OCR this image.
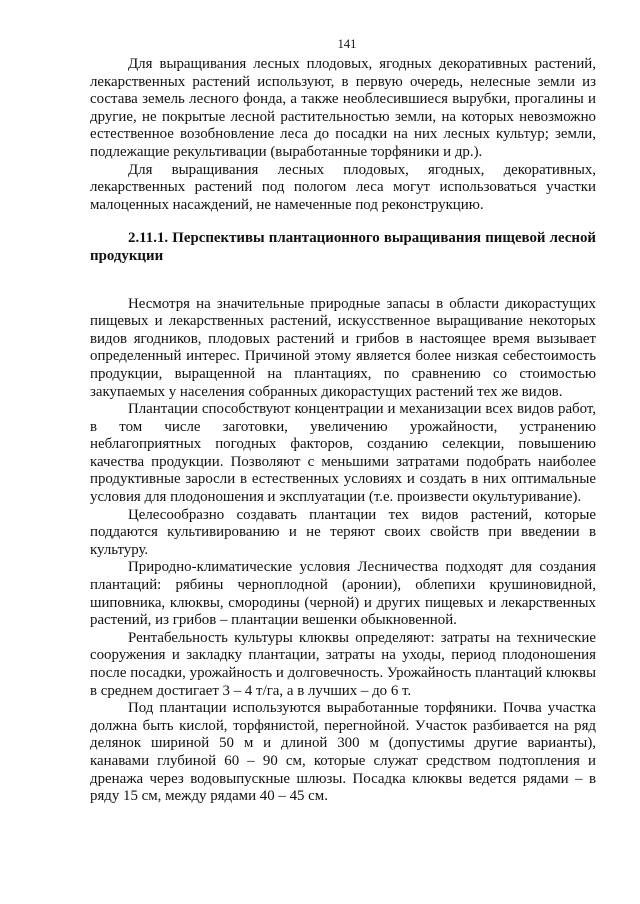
141

Для выращивания лесных плодовых, ягодных декоративных растений, лекарственных растений используют, в первую очередь, нелесные земли из состава земель лесного фонда, а также необлесившиеся вырубки, прогалины и другие, не покрытые лесной растительностью земли, на которых невозможно естественное возобновление леса до посадки на них лесных культур; земли, подлежащие рекультивации (выработанные торфяники и др.).

Для выращивания лесных плодовых, ягодных, декоративных, лекарственных растений под пологом леса могут использоваться участки малоценных насаждений, не намеченные под реконструкцию.

2.11.1. Перспективы плантационного выращивания пищевой лесной продукции

Несмотря на значительные природные запасы в области дикорастущих пищевых и лекарственных растений, искусственное выращивание некоторых видов ягодников, плодовых растений и грибов в настоящее время вызывает определенный интерес. Причиной этому является более низкая себестоимость продукции, выращенной на плантациях, по сравнению со стоимостью закупаемых у населения собранных дикорастущих растений тех же видов.

Плантации способствуют концентрации и механизации всех видов работ, в том числе заготовки, увеличению урожайности, устранению неблагоприятных погодных факторов, созданию селекции, повышению качества продукции. Позволяют с меньшими затратами подобрать наиболее продуктивные заросли в естественных условиях и создать в них оптимальные условия для плодоношения и эксплуатации (т.е. произвести окультуривание).

Целесообразно создавать плантации тех видов растений, которые поддаются культивированию и не теряют своих свойств при введении в культуру.

Природно-климатические условия Лесничества подходят для создания плантаций: рябины черноплодной (аронии), облепихи крушиновидной, шиповника, клюквы, смородины (черной) и других пищевых и лекарственных растений, из грибов – плантации вешенки обыкновенной.

Рентабельность культуры клюквы определяют: затраты на технические сооружения и закладку плантации, затраты на уходы, период плодоношения после посадки, урожайность и долговечность. Урожайность плантаций клюквы в среднем достигает 3 – 4 т/га, а в лучших – до 6 т.

Под плантации используются выработанные торфяники. Почва участка должна быть кислой, торфянистой, перегнойной. Участок разбивается на ряд делянок шириной 50 м и длиной 300 м (допустимы другие варианты), канавами глубиной 60 – 90 см, которые служат средством подтопления и дренажа через водовыпускные шлюзы. Посадка клюквы ведется рядами – в ряду 15 см, между рядами 40 – 45 см.
